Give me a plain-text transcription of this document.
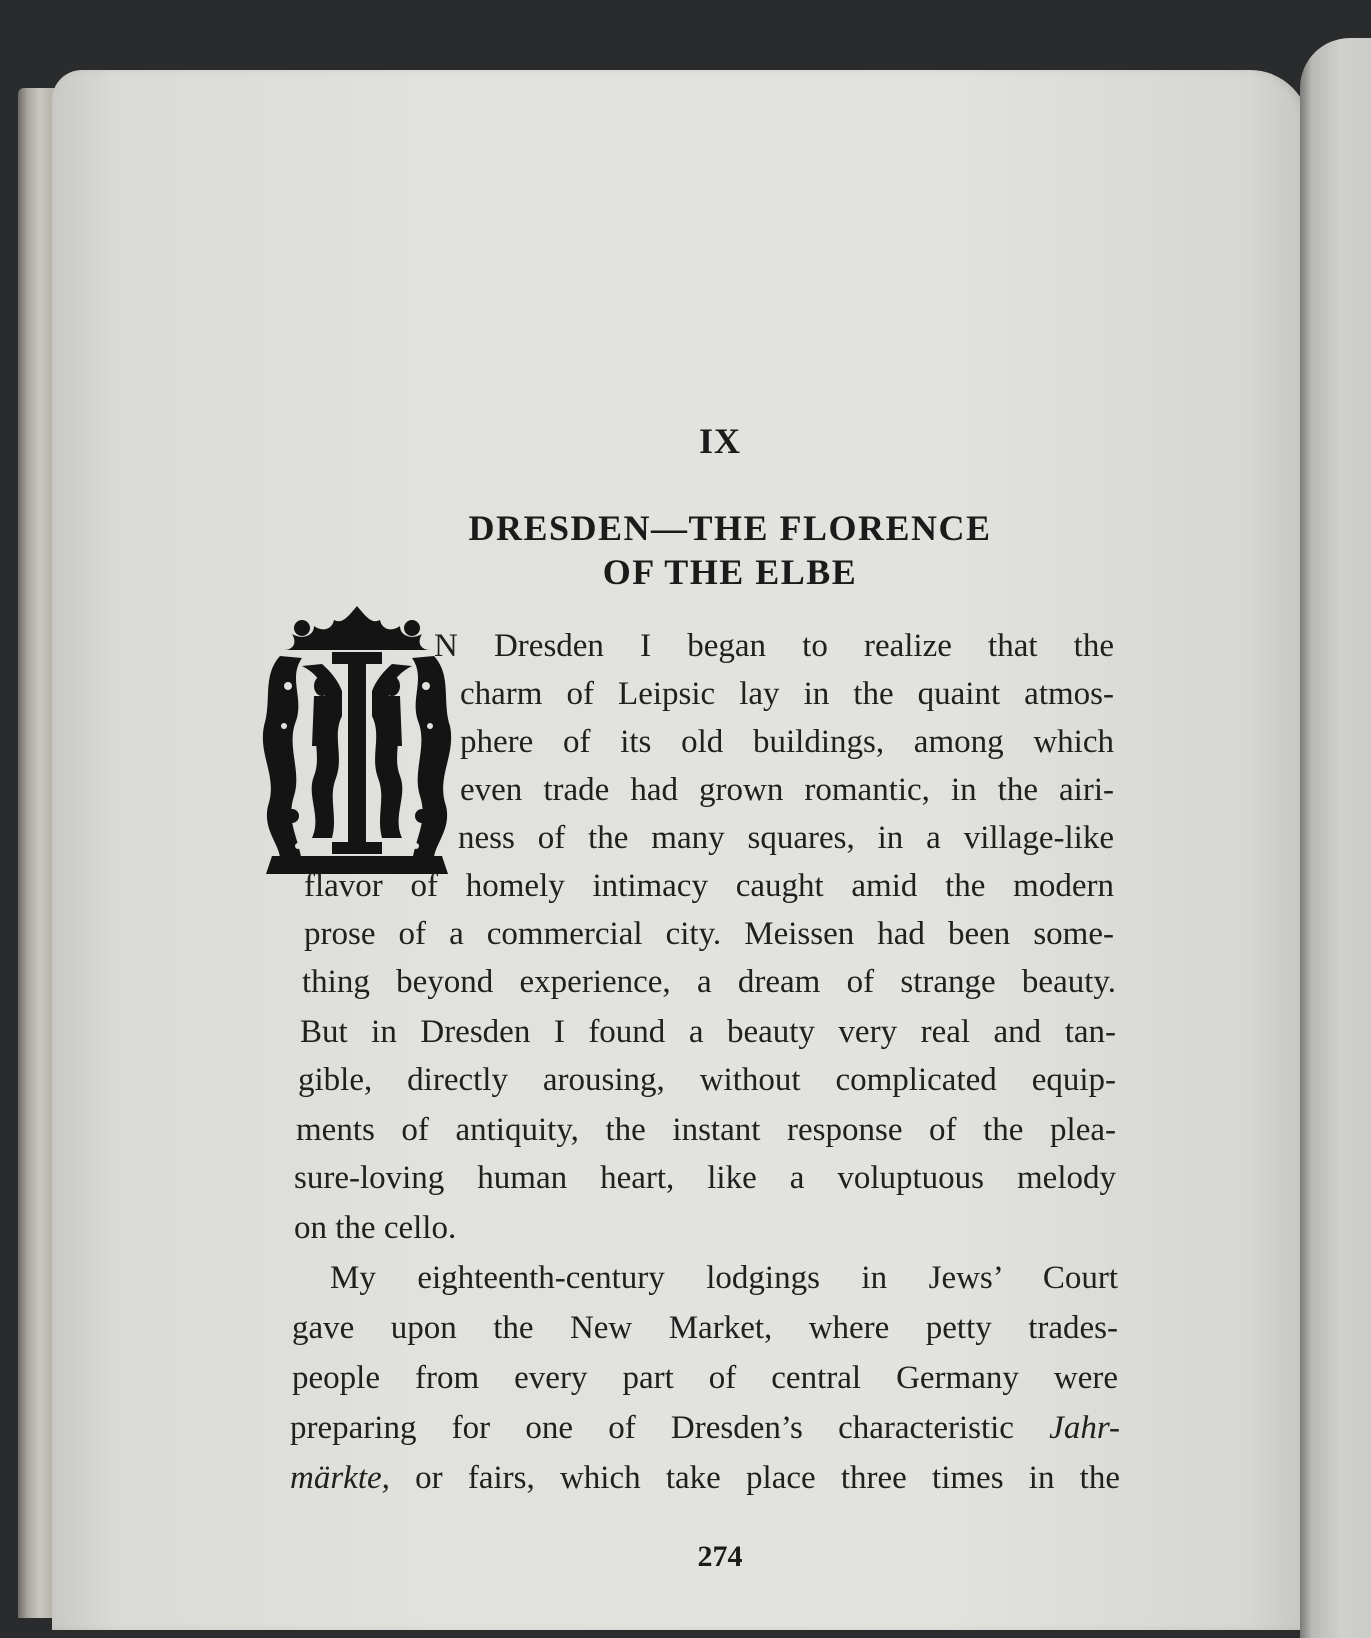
IX
DRESDEN—THE FLORENCE
OF THE ELBE
N Dresden I began to realize that the
charm of Leipsic lay in the quaint atmos-
phere of its old buildings, among which
even trade had grown romantic, in the airi-
ness of the many squares, in a village-like
flavor of homely intimacy caught amid the modern
prose of a commercial city. Meissen had been some-
thing beyond experience, a dream of strange beauty.
But in Dresden I found a beauty very real and tan-
gible, directly arousing, without complicated equip-
ments of antiquity, the instant response of the plea-
sure-loving human heart, like a voluptuous melody
on the cello.
My eighteenth-century lodgings in Jews’ Court
gave upon the New Market, where petty trades-
people from every part of central Germany were
preparing for one of Dresden’s characteristic Jahr-
märkte, or fairs, which take place three times in the
274
